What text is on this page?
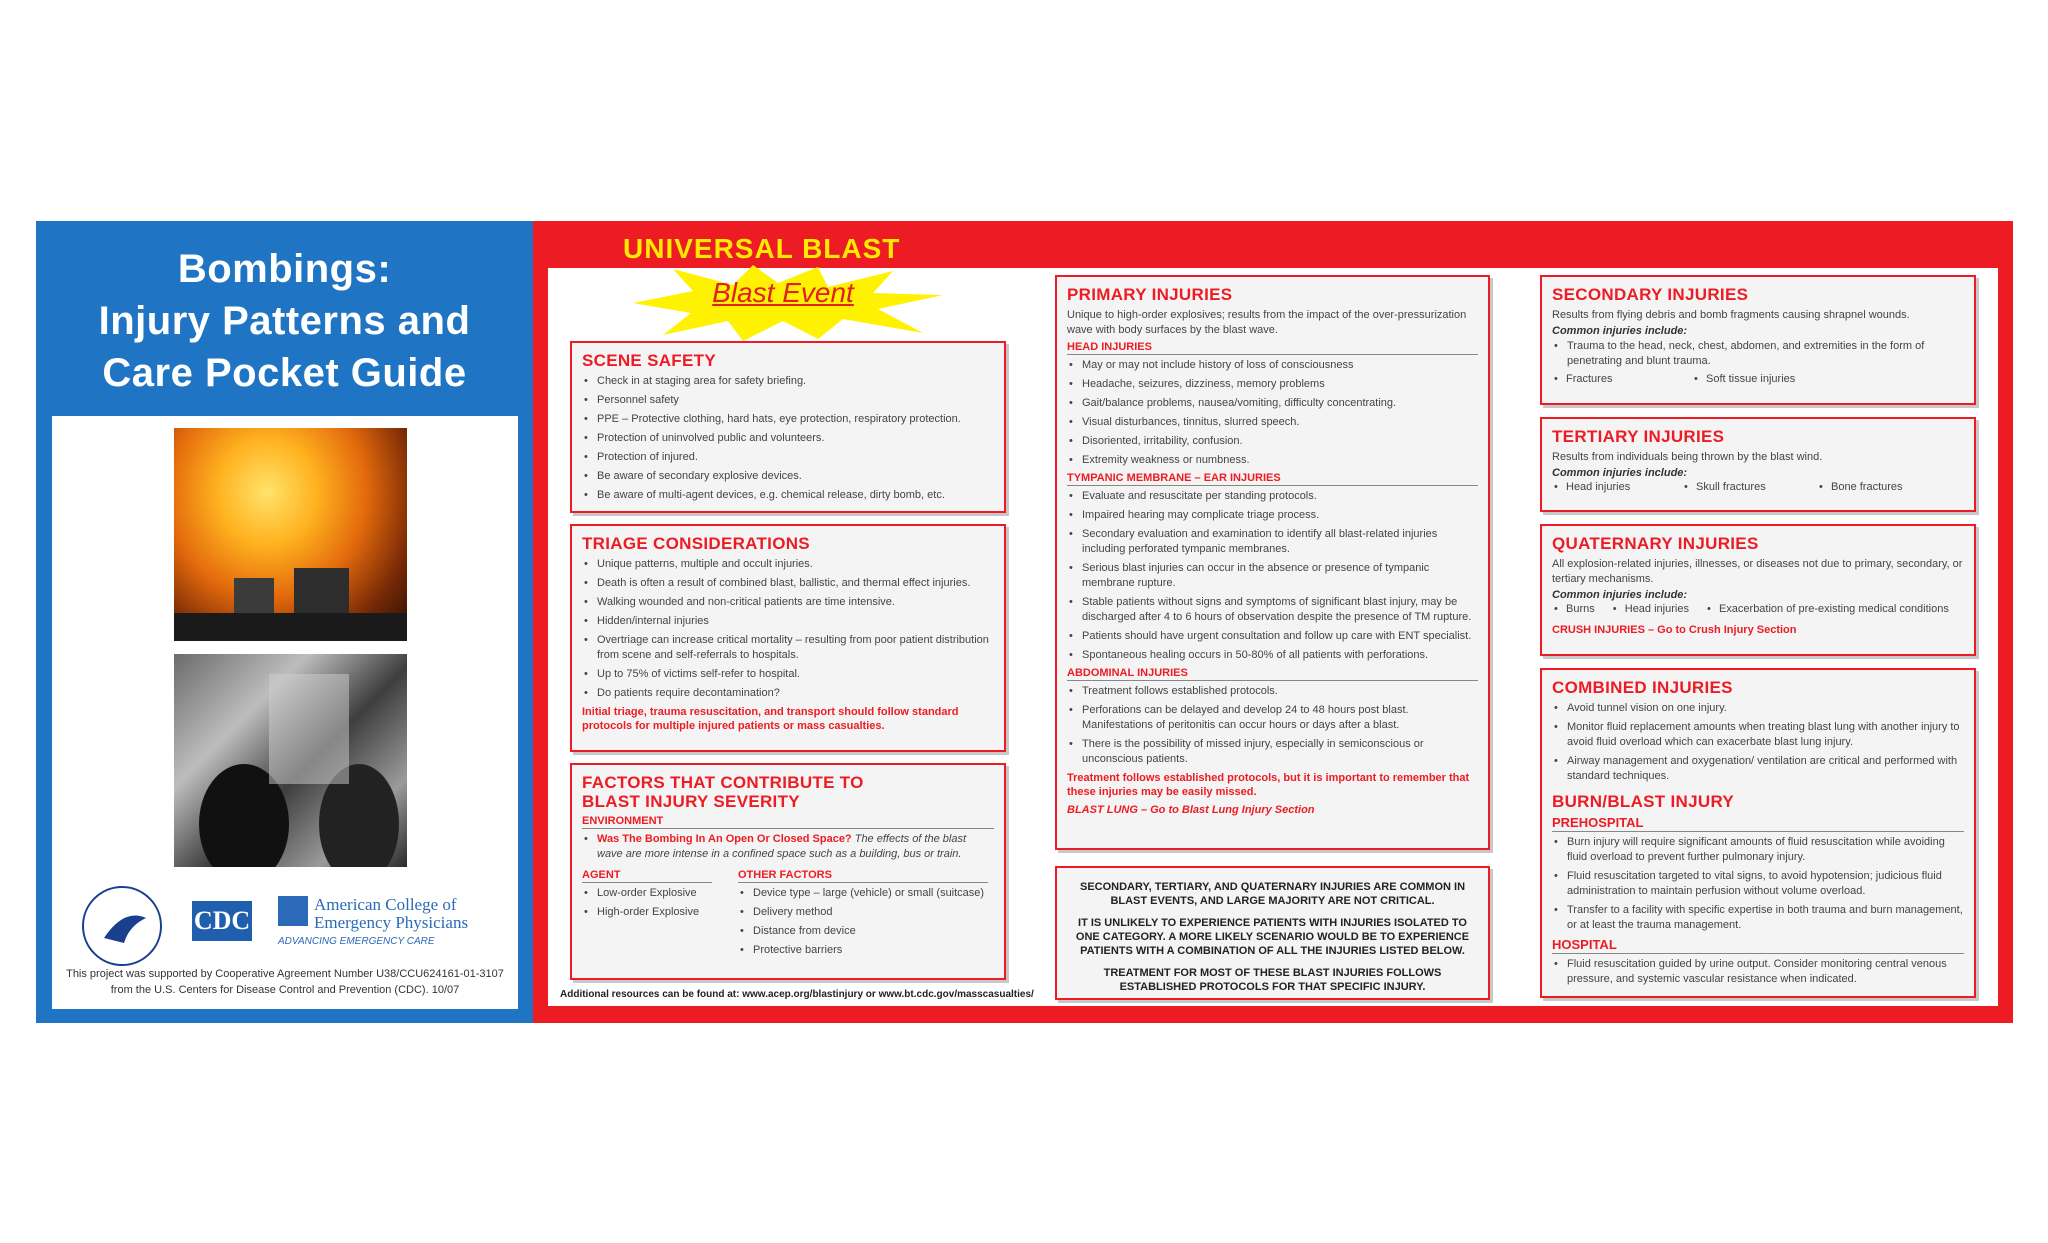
Bombings:
Injury Patterns and
Care Pocket Guide
CDC
American College of
Emergency Physicians
ADVANCING EMERGENCY CARE
This project was supported by Cooperative Agreement Number U38/CCU624161-01-3107
from the U.S. Centers for Disease Control and Prevention (CDC). 10/07
UNIVERSAL BLAST
Blast Event
SCENE SAFETY
• Check in at staging area for safety briefing.
• Personnel safety
• PPE – Protective clothing, hard hats, eye protection, respiratory protection.
• Protection of uninvolved public and volunteers.
• Protection of injured.
• Be aware of secondary explosive devices.
• Be aware of multi-agent devices, e.g. chemical release, dirty bomb, etc.
TRIAGE CONSIDERATIONS
• Unique patterns, multiple and occult injuries.
• Death is often a result of combined blast, ballistic, and thermal effect injuries.
• Walking wounded and non-critical patients are time intensive.
• Hidden/internal injuries
• Overtriage can increase critical mortality – resulting from poor patient distribution from scene and self-referrals to hospitals.
• Up to 75% of victims self-refer to hospital.
• Do patients require decontamination?
Initial triage, trauma resuscitation, and transport should follow standard protocols for multiple injured patients or mass casualties.
FACTORS THAT CONTRIBUTE TO
BLAST INJURY SEVERITY
ENVIRONMENT
• Was The Bombing In An Open Or Closed Space? The effects of the blast wave are more intense in a confined space such as a building, bus or train.
AGENT
• Low-order Explosive
• High-order Explosive
OTHER FACTORS
• Device type – large (vehicle) or small (suitcase)
• Delivery method
• Distance from device
• Protective barriers
Additional resources can be found at: www.acep.org/blastinjury or www.bt.cdc.gov/masscasualties/
PRIMARY INJURIES
Unique to high-order explosives; results from the impact of the over-pressurization wave with body surfaces by the blast wave.
HEAD INJURIES
• May or may not include history of loss of consciousness
• Headache, seizures, dizziness, memory problems
• Gait/balance problems, nausea/vomiting, difficulty concentrating.
• Visual disturbances, tinnitus, slurred speech.
• Disoriented, irritability, confusion.
• Extremity weakness or numbness.
TYMPANIC MEMBRANE – EAR INJURIES
• Evaluate and resuscitate per standing protocols.
• Impaired hearing may complicate triage process.
• Secondary evaluation and examination to identify all blast-related injuries including perforated tympanic membranes.
• Serious blast injuries can occur in the absence or presence of tympanic membrane rupture.
• Stable patients without signs and symptoms of significant blast injury, may be discharged after 4 to 6 hours of observation despite the presence of TM rupture.
• Patients should have urgent consultation and follow up care with ENT specialist.
• Spontaneous healing occurs in 50-80% of all patients with perforations.
ABDOMINAL INJURIES
• Treatment follows established protocols.
• Perforations can be delayed and develop 24 to 48 hours post blast. Manifestations of peritonitis can occur hours or days after a blast.
• There is the possibility of missed injury, especially in semiconscious or unconscious patients.
Treatment follows established protocols, but it is important to remember that these injuries may be easily missed.
BLAST LUNG – Go to Blast Lung Injury Section
SECONDARY, TERTIARY, AND QUATERNARY INJURIES ARE COMMON IN BLAST EVENTS, AND LARGE MAJORITY ARE NOT CRITICAL.
IT IS UNLIKELY TO EXPERIENCE PATIENTS WITH INJURIES ISOLATED TO ONE CATEGORY. A MORE LIKELY SCENARIO WOULD BE TO EXPERIENCE PATIENTS WITH A COMBINATION OF ALL THE INJURIES LISTED BELOW.
TREATMENT FOR MOST OF THESE BLAST INJURIES FOLLOWS ESTABLISHED PROTOCOLS FOR THAT SPECIFIC INJURY.
SECONDARY INJURIES
Results from flying debris and bomb fragments causing shrapnel wounds.
Common injuries include:
• Trauma to the head, neck, chest, abdomen, and extremities in the form of penetrating and blunt trauma.
• Fractures	• Soft tissue injuries
TERTIARY INJURIES
Results from individuals being thrown by the blast wind.
Common injuries include:
• Head injuries	• Skull fractures	• Bone fractures
QUATERNARY INJURIES
All explosion-related injuries, illnesses, or diseases not due to primary, secondary, or tertiary mechanisms.
Common injuries include:
• Burns	• Head injuries	• Exacerbation of pre-existing medical conditions
CRUSH INJURIES – Go to Crush Injury Section
COMBINED INJURIES
• Avoid tunnel vision on one injury.
• Monitor fluid replacement amounts when treating blast lung with another injury to avoid fluid overload which can exacerbate blast lung injury.
• Airway management and oxygenation/ ventilation are critical and performed with standard techniques.
BURN/BLAST INJURY
PREHOSPITAL
• Burn injury will require significant amounts of fluid resuscitation while avoiding fluid overload to prevent further pulmonary injury.
• Fluid resuscitation targeted to vital signs, to avoid hypotension; judicious fluid administration to maintain perfusion without volume overload.
• Transfer to a facility with specific expertise in both trauma and burn management, or at least the trauma management.
HOSPITAL
• Fluid resuscitation guided by urine output. Consider monitoring central venous pressure, and systemic vascular resistance when indicated.
